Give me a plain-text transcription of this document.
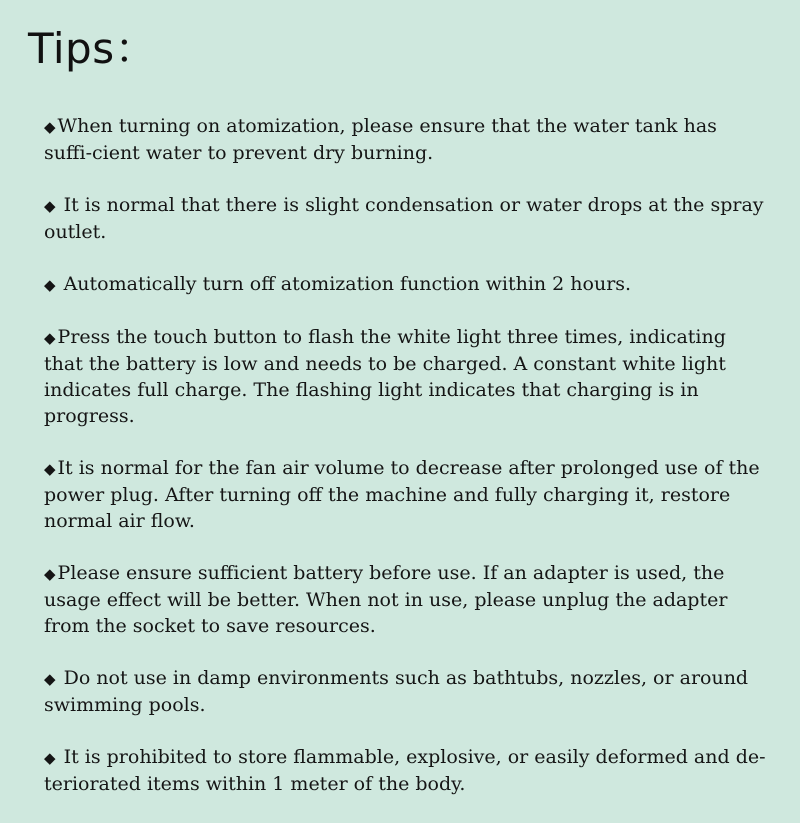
Tips：

◆ When turning on atomization, please ensure that the water tank has suffi-cient water to prevent dry burning.

◆ It is normal that there is slight condensation or water drops at the spray outlet.

◆ Automatically turn off atomization function within 2 hours.

◆ Press the touch button to flash the white light three times, indicating that the battery is low and needs to be charged. A constant white light indicates full charge. The flashing light indicates that charging is in progress.

◆ It is normal for the fan air volume to decrease after prolonged use of the power plug. After turning off the machine and fully charging it, restore normal air flow.

◆ Please ensure sufficient battery before use. If an adapter is used, the usage effect will be better. When not in use, please unplug the adapter from the socket to save resources.

◆ Do not use in damp environments such as bathtubs, nozzles, or around swimming pools.

◆ It is prohibited to store flammable, explosive, or easily deformed and de-teriorated items within 1 meter of the body.
